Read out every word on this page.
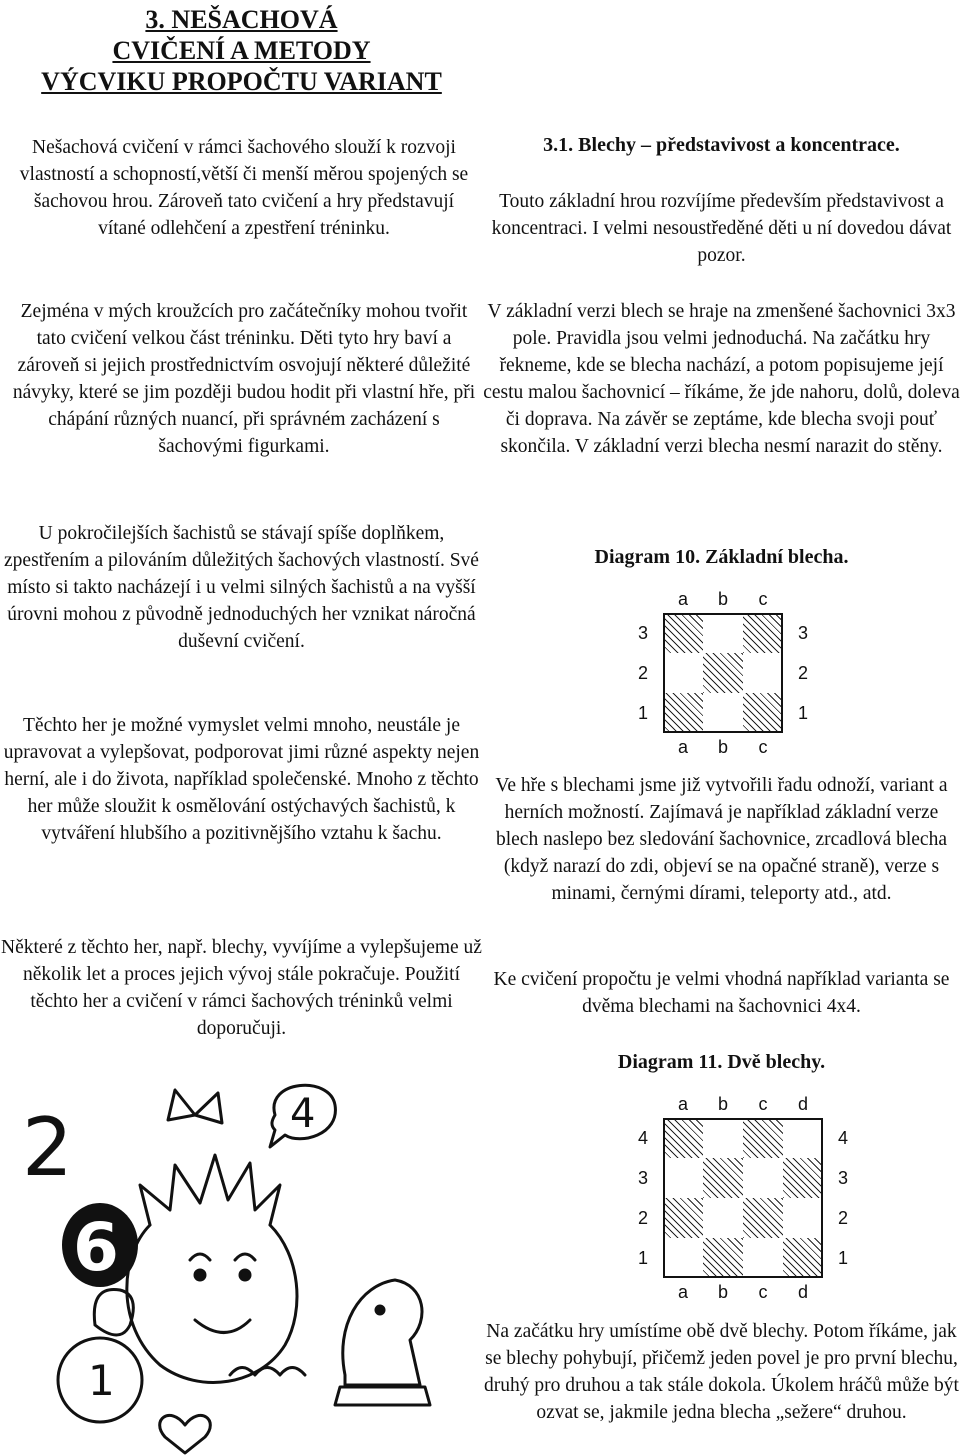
3. NEŠACHOVÁ
CVIČENÍ A METODY
VÝCVIKU PROPOČTU VARIANT

Nešachová cvičení v rámci šachového slouží k rozvoji vlastností a schopností,větší či menší měrou spojených se šachovou hrou. Zároveň tato cvičení a hry představují vítané odlehčení a zpestření tréninku.

Zejména v mých kroužcích pro začátečníky mohou tvořit tato cvičení velkou část tréninku. Děti tyto hry baví a zároveň si jejich prostřednictvím osvojují některé důležité návyky, které se jim později budou hodit při vlastní hře, při chápání různých nuancí, při správném zacházení s šachovými figurkami.

U pokročilejších šachistů se stávají spíše doplňkem, zpestřením a pilováním důležitých šachových vlastností. Své místo si takto nacházejí i u velmi silných šachistů a na vyšší úrovni mohou z původně jednoduchých her vznikat náročná duševní cvičení.

Těchto her je možné vymyslet velmi mnoho, neustále je upravovat a vylepšovat, podporovat jimi různé aspekty nejen herní, ale i do života, například společenské. Mnoho z těchto her může sloužit k osmělování ostýchavých šachistů, k vytváření hlubšího a pozitivnějšího vztahu k šachu.

Některé z těchto her, např. blechy, vyvíjíme a vylepšujeme už několik let a proces jejich vývoj stále pokračuje. Použití těchto her a cvičení v rámci šachových tréninků velmi doporučuji.

2	4
6
1

3.1. Blechy – představivost a koncentrace.

Touto základní hrou rozvíjíme především představivost a koncentraci. I velmi nesoustředěné děti u ní dovedou dávat pozor.

V základní verzi blech se hraje na zmenšené šachovnici 3x3 pole. Pravidla jsou velmi jednoduchá. Na začátku hry řekneme, kde se blecha nachází, a potom popisujeme její cestu malou šachovnicí – říkáme, že jde nahoru, dolů, doleva či doprava. Na závěr se zeptáme, kde blecha svoji pouť skončila. V základní verzi blecha nesmí narazit do stěny.

Diagram 10. Základní blecha.
a
a
b
b
c
c
3	3
2	2
1	1

Ve hře s blechami jsme již vytvořili řadu odnoží, variant a herních možností. Zajímavá je například základní verze blech naslepo bez sledování šachovnice, zrcadlová blecha (když narazí do zdi, objeví se na opačné straně), verze s minami, černými dírami, teleporty atd., atd.

Ke cvičení propočtu je velmi vhodná například varianta se dvěma blechami na šachovnici 4x4.

Diagram 11. Dvě blechy.
a
a
b
b
c
c
d
d
4	4
3	3
2	2
1	1

Na začátku hry umístíme obě dvě blechy. Potom říkáme, jak se blechy pohybují, přičemž jeden povel je pro první blechu, druhý pro druhou a tak stále dokola. Úkolem hráčů může být ozvat se, jakmile jedna blecha „sežere“ druhou.
